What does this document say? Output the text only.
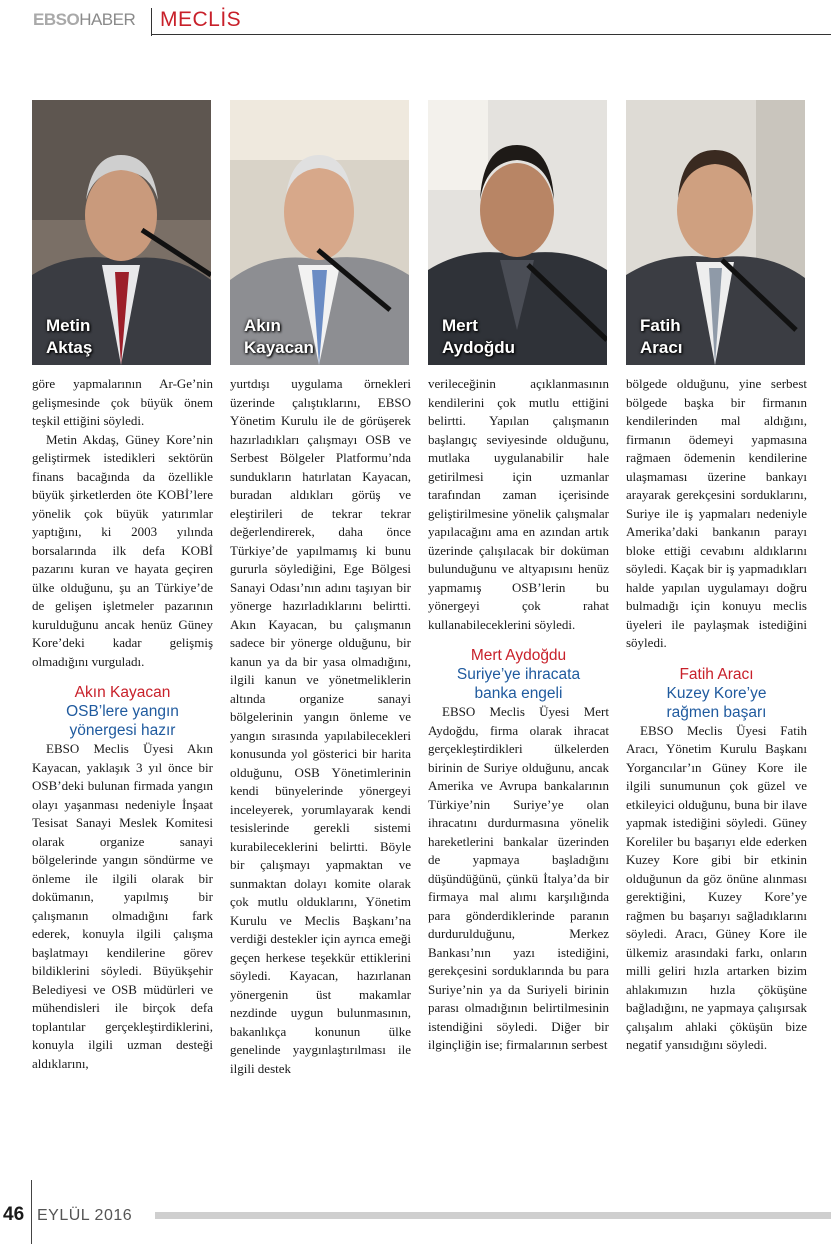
EBSOHABER MECLİS
Metin
Aktaş
Akın
Kayacan
Mert
Aydoğdu
Fatih
Aracı

göre yapmalarının Ar-Ge’nin gelişmesinde çok büyük önem teşkil ettiğini söyledi.

Metin Akdaş, Güney Kore’nin geliştirmek istedikleri sektörün finans bacağında da özellikle büyük şirketlerden öte KOBİ’lere yönelik çok büyük yatırımlar yaptığını, ki 2003 yılında borsalarında ilk defa KOBİ pazarını kuran ve hayata geçiren ülke olduğunu, şu an Türkiye’de de gelişen işletmeler pazarının kurulduğunu ancak henüz Güney Kore’deki kadar gelişmiş olmadığını vurguladı.

Akın Kayacan
OSB’lere yangın
yönergesi hazır

EBSO Meclis Üyesi Akın Kayacan, yaklaşık 3 yıl önce bir OSB’deki bulunan firmada yangın olayı yaşanması nedeniyle İnşaat Tesisat Sanayi Meslek Komitesi olarak organize sanayi bölgelerinde yangın söndürme ve önleme ile ilgili olarak bir dokümanın, yapılmış bir çalışmanın olmadığını fark ederek, konuyla ilgili çalışma başlatmayı kendilerine görev bildiklerini söyledi. Büyükşehir Belediyesi ve OSB müdürleri ve mühendisleri ile birçok defa toplantılar gerçekleştirdiklerini, konuyla ilgili uzman desteği aldıklarını,

yurtdışı uygulama örnekleri üzerinde çalıştıklarını, EBSO Yönetim Kurulu ile de görüşerek hazırladıkları çalışmayı OSB ve Serbest Bölgeler Platformu’nda sundukların hatırlatan Kayacan, buradan aldıkları görüş ve eleştirileri de tekrar tekrar değerlendirerek, daha önce Türkiye’de yapılmamış ki bunu gururla söylediğini, Ege Bölgesi Sanayi Odası’nın adını taşıyan bir yönerge hazırladıklarını belirtti. Akın Kayacan, bu çalışmanın sadece bir yönerge olduğunu, bir kanun ya da bir yasa olmadığını, ilgili kanun ve yönetmeliklerin altında organize sanayi bölgelerinin yangın önleme ve yangın sırasında yapılabilecekleri konusunda yol gösterici bir harita olduğunu, OSB Yönetimlerinin kendi bünyelerinde yönergeyi inceleyerek, yorumlayarak kendi tesislerinde gerekli sistemi kurabileceklerini belirtti. Böyle bir çalışmayı yapmaktan ve sunmaktan dolayı komite olarak çok mutlu olduklarını, Yönetim Kurulu ve Meclis Başkanı’na verdiği destekler için ayrıca emeği geçen herkese teşekkür ettiklerini söyledi. Kayacan, hazırlanan yönergenin üst makamlar nezdinde uygun bulunmasının, bakanlıkça konunun ülke genelinde yaygınlaştırılması ile ilgili destek

verileceğinin açıklanmasının kendilerini çok mutlu ettiğini belirtti. Yapılan çalışmanın başlangıç seviyesinde olduğunu, mutlaka uygulanabilir hale getirilmesi için uzmanlar tarafından zaman içerisinde geliştirilmesine yönelik çalışmalar yapılacağını ama en azından artık üzerinde çalışılacak bir doküman bulunduğunu ve altyapısını henüz yapmamış OSB’lerin bu yönergeyi çok rahat kullanabileceklerini söyledi.

Mert Aydoğdu
Suriye’ye ihracata
banka engeli

EBSO Meclis Üyesi Mert Aydoğdu, firma olarak ihracat gerçekleştirdikleri ülkelerden birinin de Suriye olduğunu, ancak Amerika ve Avrupa bankalarının Türkiye’nin Suriye’ye olan ihracatını durdurmasına yönelik hareketlerini bankalar üzerinden de yapmaya başladığını düşündüğünü, çünkü İtalya’da bir firmaya mal alımı karşılığında para gönderdiklerinde paranın durdurulduğunu, Merkez Bankası’nın yazı istediğini, gerekçesini sorduklarında bu para Suriye’nin ya da Suriyeli birinin parası olmadığının belirtilmesinin istendiğini söyledi. Diğer bir ilginçliğin ise; firmalarının serbest

bölgede olduğunu, yine serbest bölgede başka bir firmanın kendilerinden mal aldığını, firmanın ödemeyi yapmasına rağmaen ödemenin kendilerine ulaşmaması üzerine bankayı arayarak gerekçesini sorduklarını, Suriye ile iş yapmaları nedeniyle Amerika’daki bankanın parayı bloke ettiği cevabını aldıklarını söyledi. Kaçak bir iş yapmadıkları halde yapılan uygulamayı doğru bulmadığı için konuyu meclis üyeleri ile paylaşmak istediğini söyledi.

Fatih Aracı
Kuzey Kore’ye
rağmen başarı

EBSO Meclis Üyesi Fatih Aracı, Yönetim Kurulu Başkanı Yorgancılar’ın Güney Kore ile ilgili sunumunun çok güzel ve etkileyici olduğunu, buna bir ilave yapmak istediğini söyledi. Güney Koreliler bu başarıyı elde ederken Kuzey Kore gibi bir etkinin olduğunun da göz önüne alınması gerektiğini, Kuzey Kore’ye rağmen bu başarıyı sağladıklarını söyledi. Aracı, Güney Kore ile ülkemiz arasındaki farkı, onların milli geliri hızla artarken bizim ahlakımızın hızla çöküşüne bağladığını, ne yapmaya çalışırsak çalışalım ahlaki çöküşün bize negatif yansıdığını söyledi.

46 EYLÜL 2016
